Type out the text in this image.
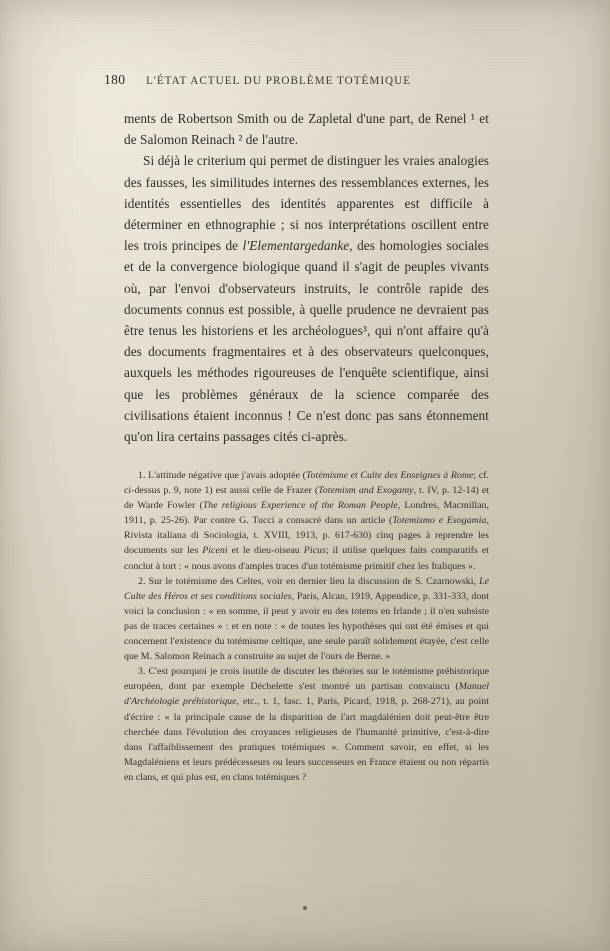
180	L'ÉTAT ACTUEL DU PROBLÈME TOTÉMIQUE

ments de Robertson Smith ou de Zapletal d'une part, de Renel ¹ et de Salomon Reinach ² de l'autre.

Si déjà le criterium qui permet de distinguer les vraies analogies des fausses, les similitudes internes des ressemblances externes, les identités essentielles des identités apparentes est difficile à déterminer en ethnographie ; si nos interprétations oscillent entre les trois principes de l'Elementargedanke, des homologies sociales et de la convergence biologique quand il s'agit de peuples vivants où, par l'envoi d'observateurs instruits, le contrôle rapide des documents connus est possible, à quelle prudence ne devraient pas être tenus les historiens et les archéologues³, qui n'ont affaire qu'à des documents fragmentaires et à des observateurs quelconques, auxquels les méthodes rigoureuses de l'enquête scientifique, ainsi que les problèmes généraux de la science comparée des civilisations étaient inconnus ! Ce n'est donc pas sans étonnement qu'on lira certains passages cités ci-après.

1. L'attitude négative que j'avais adoptée (Totémisme et Culte des Enseignes à Rome; cf. ci-dessus p. 9, note 1) est aussi celle de Frazer (Totemism and Exogamy, t. IV, p. 12-14) et de Warde Fowler (The religious Experience of the Roman People, Londres, Macmillan, 1911, p. 25-26). Par contre G. Tucci a consacré dans un article (Totemismo e Esogamia, Rivista italiana di Sociologia, t. XVIII, 1913, p. 617-630) cinq pages à reprendre les documents sur les Piceni et le dieu-oiseau Picus; il utilise quelques faits comparatifs et conclut à tort : « nous avons d'amples traces d'un totémisme primitif chez les Italiques ».

2. Sur le totémisme des Celtes, voir en dernier lieu la discussion de S. Czarnowski, Le Culte des Héros et ses conditions sociales, Paris, Alcan, 1919, Appendice, p. 331-333, dont voici la conclusion : « en somme, il peut y avoir eu des totems en Irlande ; il n'en subsiste pas de traces certaines » : et en note : « de toutes les hypothèses qui ont été émises et qui concernent l'existence du totémisme celtique, une seule paraît solidement étayée, c'est celle que M. Salomon Reinach a construite au sujet de l'ours de Berne. »

3. C'est pourquoi je crois inutile de discuter les théories sur le totémisme préhistorique européen, dont par exemple Déchelette s'est montré un partisan convaincu (Manuel d'Archéologie préhistorique, etc., t. 1, fasc. 1, Paris, Picard, 1918, p. 268-271), au point d'écrire : « la principale cause de la disparition de l'art magdalénien doit peut-être être cherchée dans l'évolution des croyances religieuses de l'humanité primitive, c'est-à-dire dans l'affaiblissement des pratiques totémiques ». Comment savoir, en effet, si les Magdaléniens et leurs prédécesseurs ou leurs successeurs en France étaient ou non répartis en clans, et qui plus est, en clans totémiques ?
